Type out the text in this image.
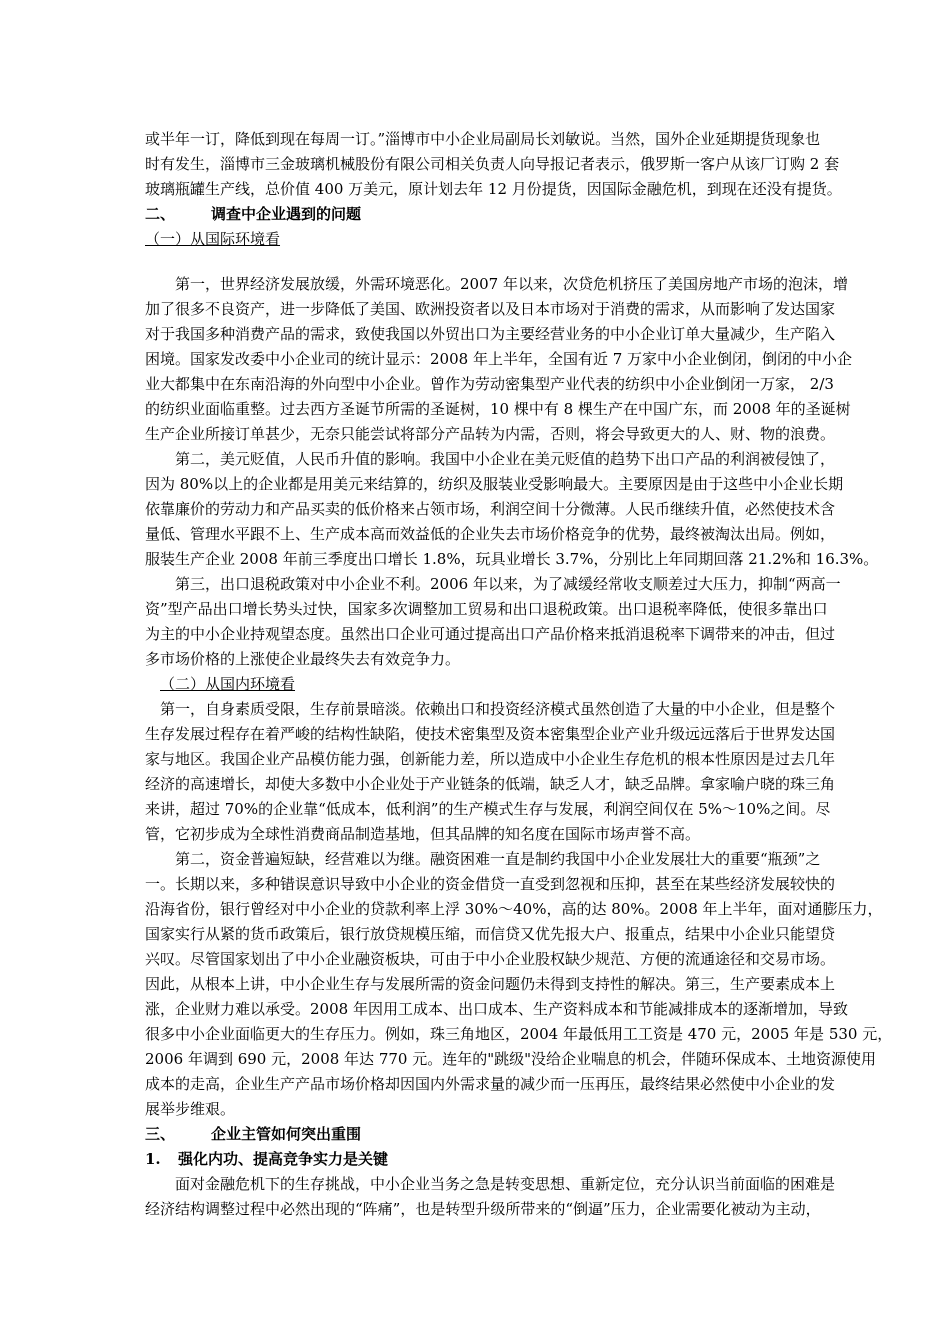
或半年一订，降低到现在每周一订。”淄博市中小企业局副局长刘敏说。当然，国外企业延期提货现象也
时有发生，淄博市三金玻璃机械股份有限公司相关负责人向导报记者表示，俄罗斯一客户从该厂订购 2 套
玻璃瓶罐生产线，总价值 400 万美元，原计划去年 12 月份提货，因国际金融危机，到现在还没有提货。
二、 调查中企业遇到的问题
（一）从国际环境看
　　第一，世界经济发展放缓，外需环境恶化。2007 年以来，次贷危机挤压了美国房地产市场的泡沫，增
加了很多不良资产，进一步降低了美国、欧洲投资者以及日本市场对于消费的需求，从而影响了发达国家
对于我国多种消费产品的需求，致使我国以外贸出口为主要经营业务的中小企业订单大量减少，生产陷入
困境。国家发改委中小企业司的统计显示：2008 年上半年，全国有近 7 万家中小企业倒闭，倒闭的中小企
业大都集中在东南沿海的外向型中小企业。曾作为劳动密集型产业代表的纺织中小企业倒闭一万家， 2/3
的纺织业面临重整。过去西方圣诞节所需的圣诞树，10 棵中有 8 棵生产在中国广东，而 2008 年的圣诞树
生产企业所接订单甚少，无奈只能尝试将部分产品转为内需，否则，将会导致更大的人、财、物的浪费。
　　第二，美元贬值，人民币升值的影响。我国中小企业在美元贬值的趋势下出口产品的利润被侵蚀了，
因为 80%以上的企业都是用美元来结算的，纺织及服装业受影响最大。主要原因是由于这些中小企业长期
依靠廉价的劳动力和产品买卖的低价格来占领市场，利润空间十分微薄。人民币继续升值，必然使技术含
量低、管理水平跟不上、生产成本高而效益低的企业失去市场价格竞争的优势，最终被淘汰出局。例如，
服装生产企业 2008 年前三季度出口增长 1.8%，玩具业增长 3.7%，分别比上年同期回落 21.2%和 16.3%。
　　第三，出口退税政策对中小企业不利。2006 年以来，为了减缓经常收支顺差过大压力，抑制“两高一
资”型产品出口增长势头过快，国家多次调整加工贸易和出口退税政策。出口退税率降低，使很多靠出口
为主的中小企业持观望态度。虽然出口企业可通过提高出口产品价格来抵消退税率下调带来的冲击，但过
多市场价格的上涨使企业最终失去有效竞争力。
（二）从国内环境看
　第一，自身素质受限，生存前景暗淡。依赖出口和投资经济模式虽然创造了大量的中小企业，但是整个
生存发展过程存在着严峻的结构性缺陷，使技术密集型及资本密集型企业产业升级远远落后于世界发达国
家与地区。我国企业产品模仿能力强，创新能力差，所以造成中小企业生存危机的根本性原因是过去几年
经济的高速增长，却使大多数中小企业处于产业链条的低端，缺乏人才，缺乏品牌。拿家喻户晓的珠三角
来讲，超过 70%的企业靠“低成本，低利润”的生产模式生存与发展，利润空间仅在 5%～10%之间。尽
管，它初步成为全球性消费商品制造基地，但其品牌的知名度在国际市场声誉不高。
　　第二，资金普遍短缺，经营难以为继。融资困难一直是制约我国中小企业发展壮大的重要“瓶颈”之
一。长期以来，多种错误意识导致中小企业的资金借贷一直受到忽视和压抑，甚至在某些经济发展较快的
沿海省份，银行曾经对中小企业的贷款利率上浮 30%～40%，高的达 80%。2008 年上半年，面对通膨压力，
国家实行从紧的货币政策后，银行放贷规模压缩，而信贷又优先报大户、报重点，结果中小企业只能望贷
兴叹。尽管国家划出了中小企业融资板块，可由于中小企业股权缺少规范、方便的流通途径和交易市场。
因此，从根本上讲，中小企业生存与发展所需的资金问题仍未得到支持性的解决。第三，生产要素成本上
涨，企业财力难以承受。2008 年因用工成本、出口成本、生产资料成本和节能减排成本的逐渐增加，导致
很多中小企业面临更大的生存压力。例如，珠三角地区，2004 年最低用工工资是 470 元，2005 年是 530 元，
2006 年调到 690 元，2008 年达 770 元。连年的"跳级"没给企业喘息的机会，伴随环保成本、土地资源使用
成本的走高，企业生产产品市场价格却因国内外需求量的减少而一压再压，最终结果必然使中小企业的发
展举步维艰。
三、 企业主管如何突出重围
1. 强化内功、提高竞争实力是关键
　　面对金融危机下的生存挑战，中小企业当务之急是转变思想、重新定位，充分认识当前面临的困难是
经济结构调整过程中必然出现的“阵痛”，也是转型升级所带来的“倒逼”压力，企业需要化被动为主动，
